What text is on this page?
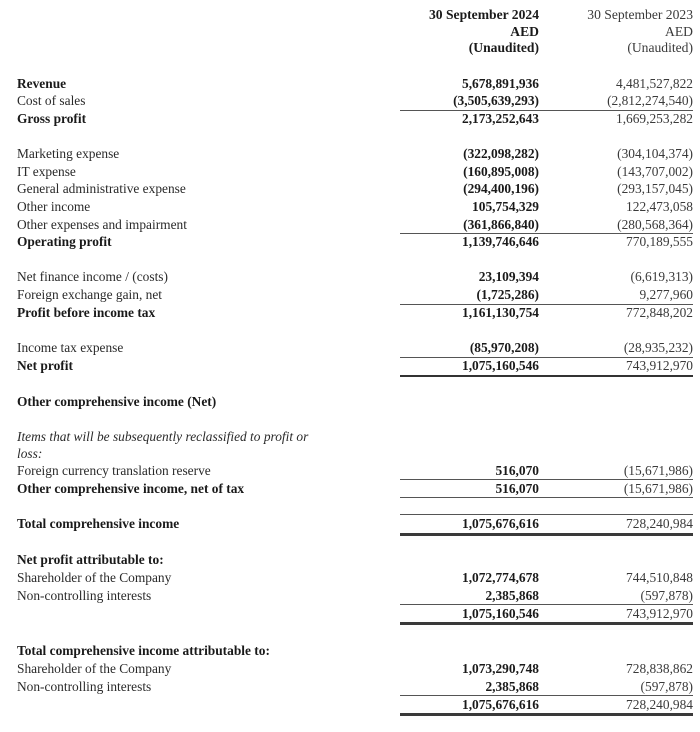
30 September 2024	30 September 2023
AED	AED
(Unaudited)	(Unaudited)
Revenue	5,678,891,936	4,481,527,822
Cost of sales	(3,505,639,293)	(2,812,274,540)
Gross profit	2,173,252,643	1,669,253,282
Marketing expense	(322,098,282)	(304,104,374)
IT expense	(160,895,008)	(143,707,002)
General administrative expense	(294,400,196)	(293,157,045)
Other income	105,754,329	122,473,058
Other expenses and impairment	(361,866,840)	(280,568,364)
Operating profit	1,139,746,646	770,189,555
Net finance income / (costs)	23,109,394	(6,619,313)
Foreign exchange gain, net	(1,725,286)	9,277,960
Profit before income tax	1,161,130,754	772,848,202
Income tax expense	(85,970,208)	(28,935,232)
Net profit	1,075,160,546	743,912,970
Other comprehensive income (Net)
Items that will be subsequently reclassified to profit or
loss:
Foreign currency translation reserve	516,070	(15,671,986)
Other comprehensive income, net of tax	516,070	(15,671,986)
Total comprehensive income	1,075,676,616	728,240,984
Net profit attributable to:
Shareholder of the Company	1,072,774,678	744,510,848
Non-controlling interests	2,385,868	(597,878)
1,075,160,546	743,912,970
Total comprehensive income attributable to:
Shareholder of the Company	1,073,290,748	728,838,862
Non-controlling interests	2,385,868	(597,878)
1,075,676,616	728,240,984
